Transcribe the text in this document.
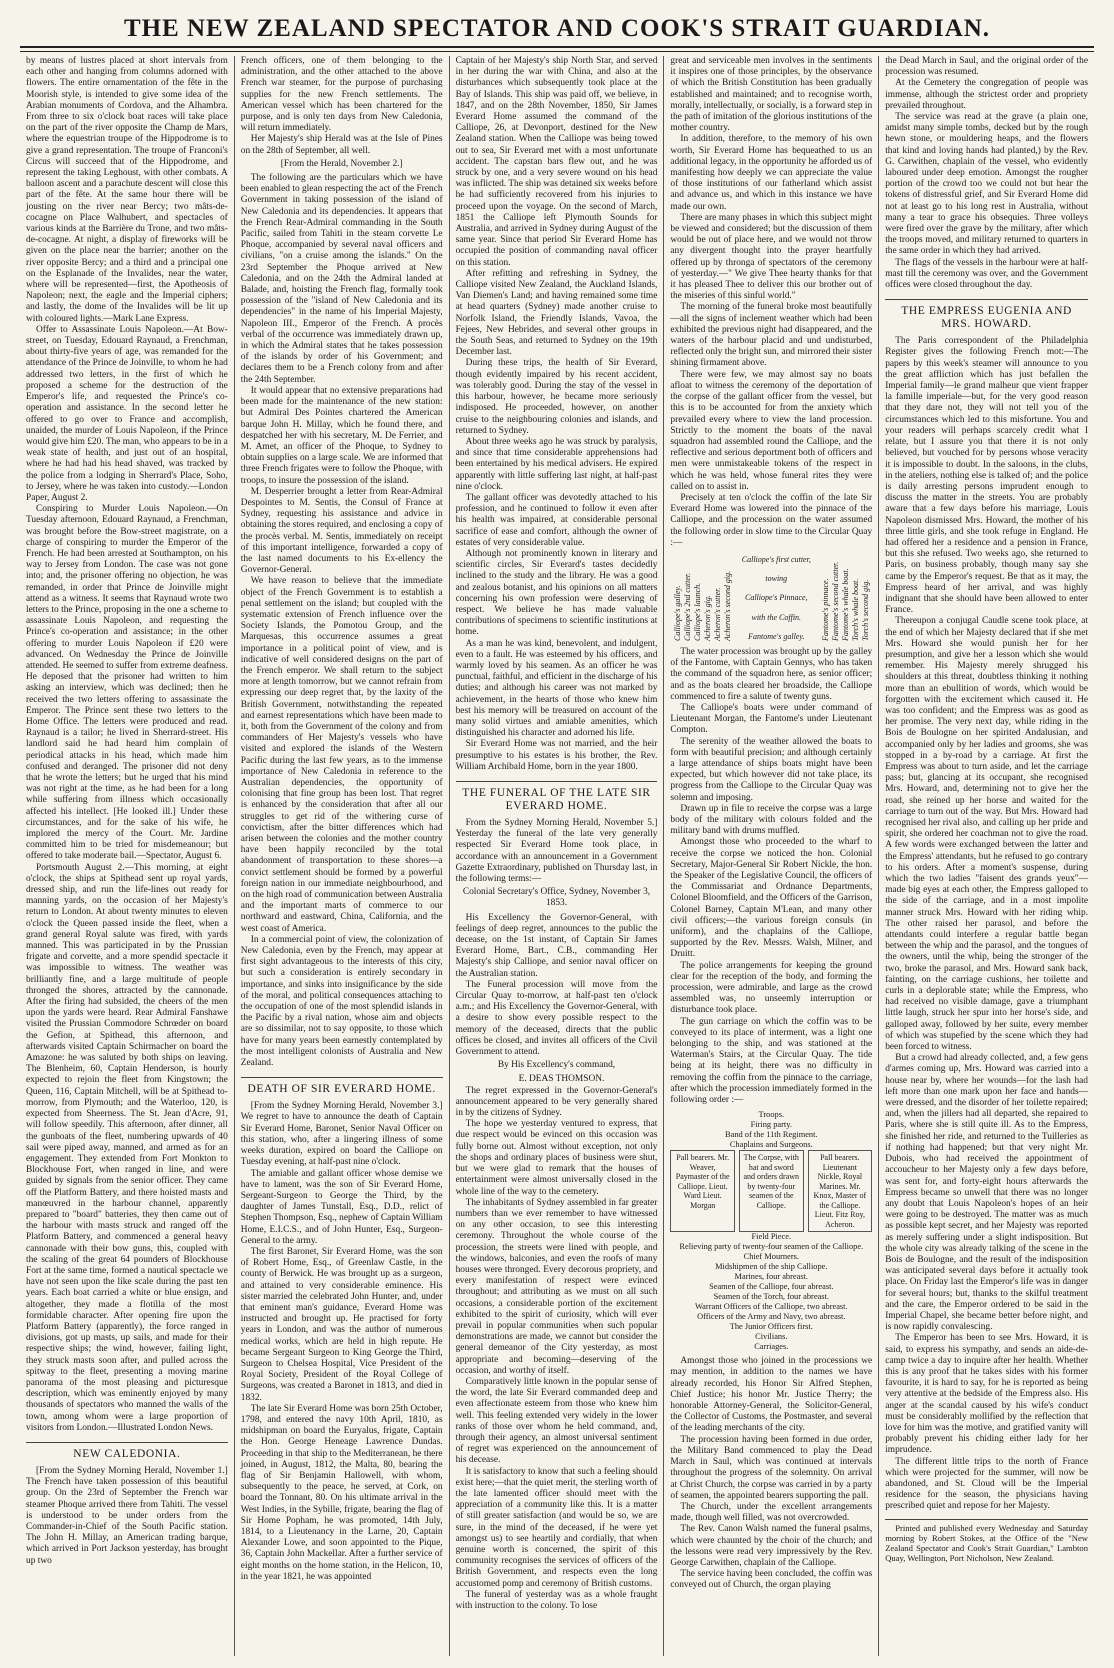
THE NEW ZEALAND SPECTATOR AND COOK'S STRAIT GUARDIAN.

by means of lustres placed at short intervals from each other and hanging from columns adorned with flowers. The entire ornamentation of the fête in the Moorish style, is intended to give some idea of the Arabian monuments of Cordova, and the Alhambra. From three to six o'clock boat races will take place on the part of the river opposite the Champ de Mars, where the equestrian troupe of the Hippodrome is to give a grand representation. The troupe of Franconi's Circus will succeed that of the Hippodrome, and represent the taking Leghoust, with other combats. A balloon ascent and a parachute descent will close this part of the fête. At the same hour there will be jousting on the river near Bercy; two mâts-de-cocagne on Place Walhubert, and spectacles of various kinds at the Barrière du Trone, and two mâts-de-cocagne. At night, a display of fireworks will be given on the place near the barrier; another on the river opposite Bercy; and a third and a principal one on the Esplanade of the Invalides, near the water, where will be represented—first, the Apotheosis of Napoleon; next, the eagle and the Imperial ciphers; and lastly, the dome of the Invalides will be lit up with coloured lights.—Mark Lane Express.

Offer to Assassinate Louis Napoleon.—At Bow-street, on Tuesday, Edouard Raynaud, a Frenchman, about thirty-five years of age, was remanded for the attendance of the Prince de Joinville, to whom he had addressed two letters, in the first of which he proposed a scheme for the destruction of the Emperor's life, and requested the Prince's co-operation and assistance. In the second letter he offered to go over to France and accomplish, unaided, the murder of Louis Napoleon, if the Prince would give him £20. The man, who appears to be in a weak state of health, and just out of an hospital, where he had had his head shaved, was tracked by the police from a lodging in Sherrard's Place, Soho, to Jersey, where he was taken into custody.—London Paper, August 2.

Conspiring to Murder Louis Napoleon.—On Tuesday afternoon, Edouard Raynaud, a Frenchman, was brought before the Bow-street magistrate, on a charge of conspiring to murder the Emperor of the French. He had been arrested at Southampton, on his way to Jersey from London. The case was not gone into; and, the prisoner offering no objection, he was remanded, in order that Prince de Joinville might attend as a witness. It seems that Raynaud wrote two letters to the Prince, proposing in the one a scheme to assassinate Louis Napoleon, and requesting the Prince's co-operation and assistance; in the other offering to murder Louis Napoleon if £20 were advanced. On Wednesday the Prince de Joinville attended. He seemed to suffer from extreme deafness. He deposed that the prisoner had written to him asking an interview, which was declined; then he received the two letters offering to assassinate the Emperor. The Prince sent these two letters to the Home Office. The letters were produced and read. Raynaud is a tailor; he lived in Sherrard-street. His landlord said he had heard him complain of periodical attacks in his head, which made him confused and deranged. The prisoner did not deny that he wrote the letters; but he urged that his mind was not right at the time, as he had been for a long while suffering from illness which occasionally affected his intellect. [He looked ill.] Under these circumstances, and for the sake of his wife, he implored the mercy of the Court. Mr. Jardine committed him to be tried for misdemeanour; but offered to take moderate bail.—Spectator, August 6.

Portsmouth August 2.—This morning, at eight o'clock, the ships at Spithead sent up royal yards, dressed ship, and run the life-lines out ready for manning yards, on the occasion of her Majesty's return to London. At about twenty minutes to eleven o'clock the Queen passed inside the fleet, when a grand general Royal salute was fired, with yards manned. This was participated in by the Prussian frigate and corvette, and a more spendid spectacle it was impossible to witness. The weather was brilliantly fine, and a large multitude of people thronged the shores, attracted by the cannonade. After the firing had subsided, the cheers of the men upon the yards were heard. Rear Admiral Fanshawe visited the Prussian Commodore Schrœder on board the Gefion, at Spithead, this afternoon, and afterwards visited Captain Schirmacher on board the Amazone: he was saluted by both ships on leaving. The Blenheim, 60, Captain Henderson, is hourly expected to rejoin the fleet from Kingstown; the Queen, 116, Captain Mitchell, will be at Spithead to-morrow, from Plymouth; and the Waterloo, 120, is expected from Sheerness. The St. Jean d'Acre, 91, will follow speedily. This afternoon, after dinner, all the gunboats of the fleet, numbering upwards of 40 sail were piped away, manned, and armed as for an engagement. They extended from Fort Monkton to Blockhouse Fort, when ranged in line, and were guided by signals from the senior officer. They came off the Platform Battery, and there hoisted masts and manœuvred in the harbour channel, apparently prepared to "board" batteries, they then came out of the harbour with masts struck and ranged off the Platform Battery, and commenced a general heavy cannonade with their bow guns, this, coupled with the scaling of the great 64 pounders of Blockhouse Fort at the same time, formed a nautical spectacle we have not seen upon the like scale during the past ten years. Each boat carried a white or blue ensign, and altogether, they made a flotilla of the most formidable character. After opening fire upon the Platform Battery (apparently), the force ranged in divisions, got up masts, up sails, and made for their respective ships; the wind, however, failing light, they struck masts soon after, and pulled across the spitway to the fleet, presenting a moving marine panorama of the most pleasing and picturesque description, which was eminently enjoyed by many thousands of spectators who manned the walls of the town, among whom were a large proportion of visitors from London.—Illustrated London News.

NEW CALEDONIA.

[From the Sydney Morning Herald, November 1.] The French have taken possession of this beautiful group. On the 23rd of September the French war steamer Phoque arrived there from Tahiti. The vessel is understood to be under orders from the Commander-in-Chief of the South Pacific station. The John H. Millay, an American trading barque, which arrived in Port Jackson yesterday, has brought up two

French officers, one of them belonging to the administration, and the other attached to the above French war steamer, for the purpose of purchasing supplies for the new French settlements. The American vessel which has been chartered for the purpose, and is only ten days from New Caledonia, will return immediately.

Her Majesty's ship Herald was at the Isle of Pines on the 28th of September, all well.

[From the Herald, November 2.]

The following are the particulars which we have been enabled to glean respecting the act of the French Government in taking possession of the island of New Caledonia and its dependencies. It appears that the French Rear-Admiral commanding in the South Pacific, sailed from Tahiti in the steam corvette Le Phoque, accompanied by several naval officers and civilians, "on a cruise among the islands." On the 23rd September the Phoque arrived at New Caledonia, and on the 24th the Admiral landed at Balade, and, hoisting the French flag, formally took possession of the "island of New Caledonia and its dependencies" in the name of his Imperial Majesty, Napoleon III., Emperor of the French. A procès verbal of the occurrence was immediately drawn up, in which the Admiral states that he takes possession of the islands by order of his Government; and declares them to be a French colony from and after the 24th September.

It would appear that no extensive preparations had been made for the maintenance of the new station: but Admiral Des Pointes chartered the American barque John H. Millay, which he found there, and despatched her with his secretary, M. De Ferrier, and M. Amet, an officer of the Phoque, to Sydney to obtain supplies on a large scale. We are informed that three French frigates were to follow the Phoque, with troops, to insure the possession of the island.

M. Desperrier brought a letter from Rear-Admiral Despointes to M. Sentis, the Consul of France at Sydney, requesting his assistance and advice in obtaining the stores required, and enclosing a copy of the procès verbal. M. Sentis, immediately on receipt of this important intelligence, forwarded a copy of the last named documents to his Ex-ellency the Governor-General.

We have reason to believe that the immediate object of the French Government is to establish a penal settlement on the island; but coupled with the systematic extension of French influence over the Society Islands, the Pomotou Group, and the Marquesas, this occurrence assumes a great importance in a political point of view, and is indicative of well considered designs on the part of the French emperor. We shall return to the subject more at length tomorrow, but we cannot refrain from expressing our deep regret that, by the laxity of the British Government, notwithstanding the repeated and earnest representations which have been made to it, both from the Government of the colony and from commanders of Her Majesty's vessels who have visited and explored the islands of the Western Pacific during the last few years, as to the immense importance of New Caledonia in reference to the Australian dependencies, the opportunity of colonising that fine group has been lost. That regret is enhanced by the consideration that after all our struggles to get rid of the withering curse of convictism, after the bitter differences which had arisen between the colonies and the mother country have been happily reconciled by the total abandonment of transportation to these shores—a convict settlement should be formed by a powerful foreign nation in our immediate neighbourhood, and on the high road of communication between Australia and the important marts of commerce to our northward and eastward, China, California, and the west coast of America.

In a commercial point of view, the colonization of New Caledonia, even by the French, may appear at first sight advantageous to the interests of this city, but such a consideration is entirely secondary in importance, and sinks into insignificance by the side of the moral, and political consequences attaching to the occupation of one of the most splendid islands in the Pacific by a rival nation, whose aim and objects are so dissimilar, not to say opposite, to those which have for many years been earnestly contemplated by the most intelligent colonists of Australia and New Zealand.

DEATH OF SIR EVERARD HOME.

[From the Sydney Morning Herald, November 3.] We regret to have to announce the death of Captain Sir Everard Home, Baronet, Senior Naval Officer on this station, who, after a lingering illness of some weeks duration, expired on board the Calliope on Tuesday evening, at half-past nine o'clock.

The amiable and gallant officer whose demise we have to lament, was the son of Sir Everard Home, Sergeant-Surgeon to George the Third, by the daughter of James Tunstall, Esq., D.D., relict of Stephen Thompson, Esq., nephew of Captain William Home, E.I.C.S., and of John Hunter, Esq., Surgeon-General to the army.

The first Baronet, Sir Everard Home, was the son of Robert Home, Esq., of Greenlaw Castle, in the county of Berwick. He was brought up as a surgeon, and attained to very considerable eminence. His sister married the celebrated John Hunter, and, under that eminent man's guidance, Everard Home was instructed and brought up. He practised for forty years in London, and was the author of numerous medical works, which are held in high repute. He became Sergeant Surgeon to King George the Third, Surgeon to Chelsea Hospital, Vice President of the Royal Society, President of the Royal College of Surgeons, was created a Baronet in 1813, and died in 1832.

The late Sir Everard Home was born 25th October, 1798, and entered the navy 10th April, 1810, as midshipman on board the Euryalus, frigate, Captain the Hon. George Heneage Lawrence Dundas. Proceeding in that ship to the Mediterranean, he there joined, in August, 1812, the Malta, 80, bearing the flag of Sir Benjamin Hallowell, with whom, subsequently to the peace, he served, at Cork, on board the Tonnant, 80. On his ultimate arrival in the West Indies, in the Sybille, frigate, bearing the flag of Sir Home Popham, he was promoted, 14th July, 1814, to a Lieutenancy in the Larne, 20, Captain Alexander Lowe, and soon appointed to the Pique, 36, Captain John Mackellar. After a further service of eight months on the home station, in the Helicon, 10, in the year 1821, he was appointed

Captain of her Majesty's ship North Star, and served in her during the war with China, and also at the disturbances which subsequently took place at the Bay of Islands. This ship was paid off, we believe, in 1847, and on the 28th November, 1850, Sir James Everard Home assumed the command of the Calliope, 26, at Devonport, destined for the New Zealand station. When the Calliope was being towed out to sea, Sir Everard met with a most unfortunate accident. The capstan bars flew out, and he was struck by one, and a very severe wound on his head was inflicted. The ship was detained six weeks before he had sufficiently recovered from his injuries to proceed upon the voyage. On the second of March, 1851 the Calliope left Plymouth Sounds for Australia, and arrived in Sydney during August of the same year. Since that period Sir Everard Home has occupied the position of commanding naval officer on this station.

After refitting and refreshing in Sydney, the Calliope visited New Zealand, the Auckland Islands, Van Diemen's Land; and having remained some time at head quarters (Sydney) made another cruise to Norfolk Island, the Friendly Islands, Vavoa, the Fejees, New Hebrides, and several other groups in the South Seas, and returned to Sydney on the 19th December last.

During these trips, the health of Sir Everard, though evidently impaired by his recent accident, was tolerably good. During the stay of the vessel in this harbour, however, he became more seriously indisposed. He proceeded, however, on another cruise to the neighbouring colonies and islands, and returned to Sydney.

About three weeks ago he was struck by paralysis, and since that time considerable apprehensions had been entertained by his medical advisers. He expired apparently with little suffering last night, at half-past nine o'clock.

The gallant officer was devotedly attached to his profession, and he continued to follow it even after his health was impaired, at considerable personal sacrifice of ease and comfort, although the owner of estates of very considerable value.

Although not prominently known in literary and scientific circles, Sir Everard's tastes decidedly inclined to the study and the library. He was a good and zealous botanist, and his opinions on all matters concerning his own profession were deserving of respect. We believe he has made valuable contributions of specimens to scientific institutions at home.

As a man he was kind, benevolent, and indulgent, even to a fault. He was esteemed by his officers, and warmly loved by his seamen. As an officer he was punctual, faithful, and efficient in the discharge of his duties; and although his career was not marked by achievement, in the hearts of those who knew him best his memory will be treasured on account of the many solid virtues and amiable amenities, which distinguished his character and adorned his life.

Sir Everard Home was not married, and the heir presumptive to his estates is his brother, the Rev. William Archibald Home, born in the year 1800.

THE FUNERAL OF THE LATE SIR EVERARD HOME.

From the Sydney Morning Herald, November 5.] Yesterday the funeral of the late very generally respected Sir Everard Home took place, in accordance with an announcement in a Government Gazette Extraordinary, published on Thursday last, in the following terms:—

Colonial Secretary's Office, Sydney, November 3, 1853.

His Excellency the Governor-General, with feelings of deep regret, announces to the public the decease, on the 1st instant, of Captain Sir James Everard Home, Bart., C.B., commanding Her Majesty's ship Calliope, and senior naval officer on the Australian station.

The Funeral procession will move from the Circular Quay to-morrow, at half-past ten o'clock a.m.; and His Excellency the Governor-General, with a desire to show every possible respect to the memory of the deceased, directs that the public offices be closed, and invites all officers of the Civil Government to attend.

By His Excellency's command,

E. DEAS THOMSON.

The regret expressed in the Governor-General's announcement appeared to be very generally shared in by the citizens of Sydney.

The hope we yesterday ventured to express, that due respect would be evinced on this occasion was fully borne out. Almost without exception, not only the shops and ordinary places of business were shut, but we were glad to remark that the houses of entertainment were almost universally closed in the whole line of the way to the cemetery.

The inhabitants of Sydney assembled in far greater numbers than we ever remember to have witnessed on any other occasion, to see this interesting ceremony. Throughout the whole course of the procession, the streets were lined with people, and the windows, balconies, and even the roofs of many houses were thronged. Every decorous propriety, and every manifestation of respect were evinced throughout; and attributing as we must on all such occasions, a considerable portion of the excitement exhibited to the spirit of curiosity, which will ever prevail in popular communities when such popular demonstrations are made, we cannot but consider the general demeanor of the City yesterday, as most appropriate and becoming—deserving of the occasion, and worthy of itself.

Comparatively little known in the popular sense of the word, the late Sir Everard commanded deep and even affectionate esteem from those who knew him well. This feeling extended very widely in the lower ranks of those over whom he held command, and, through their agency, an almost universal sentiment of regret was experienced on the announcement of his decease.

It is satisfactory to know that such a feeling should exist here;—that the quiet merit, the sterling worth of the late lamented officer should meet with the appreciation of a community like this. It is a matter of still greater satisfaction (and would be so, we are sure, in the mind of the deceased, if he were yet amongst us) to see heartily and cordially, that when genuine worth is concerned, the spirit of this community recognises the services of officers of the British Government, and respects even the long accustomed pomp and ceremony of British customs.

The funeral of yesterday was as a whole fraught with instruction to the colony. To lose

great and serviceable men involves in the sentiments it inspires one of those principles, by the observance of which the British Constitution has been gradually established and maintained; and to recognise worth, morally, intellectually, or socially, is a forward step in the path of imitation of the glorious institutions of the mother country.

In addition, therefore, to the memory of his own worth, Sir Everard Home has bequeathed to us an additional legacy, in the opportunity he afforded us of manifesting how deeply we can appreciate the value of those institutions of our fatherland which assist and advance us, and which in this instance we have made our own.

There are many phases in which this subject might be viewed and considered; but the discussion of them would be out of place here, and we would not throw any divergent thought into the prayer heartfully offered up by thronga of spectators of the ceremony of yesterday.—" We give Thee hearty thanks for that it has pleased Thee to deliver this our brother out of the miseries of this sinful world."

The morning of the funeral broke most beautifully—all the signs of inclement weather which had been exhibited the previous night had disappeared, and the waters of the harbour placid and und undisturbed, reflected only the bright sun, and mirrored their sister shining firmament above.

There were few, we may almost say no boats afloat to witness the ceremony of the deportation of the corpse of the gallant officer from the vessel, but this is to be accounted for from the anxiety which prevailed every where to view the land procession. Strictly to the moment the boats of the naval squadron had assembled round the Calliope, and the reflective and serious deportment both of officers and men were unmistakeable tokens of the respect in which he was held, whose funeral rites they were called on to assist in.

Precisely at ten o'clock the coffin of the late Sir Everard Home was lowered into the pinnace of the Calliope, and the procession on the water assumed the following order in slow time to the Circular Quay :—

Calliope's galley. Calliope's 2nd cutter. Calliope's launch. Acheron's gig. Acheron's cutter. Acheron's second gig.
Calliope's first cutter,
towing
Calliope's Pinnace,
with the Coffin.
Fantome's galley.	Fantome's pinnace. Fantome's second cutter. Fantome's whale boat. Torch's whale boat. Torch's second gig.

The water procession was brought up by the galley of the Fantome, with Captain Gennys, who has taken the command of the squadron here, as senior officer; and as the boats cleared her broadside, the Calliope commenced to fire a salute of twenty guns.

The Calliope's boats were under command of Lieutenant Morgan, the Fantome's under Lieutenant Compton.

The serenity of the weather allowed the boats to form with beautiful precision; and although certainly a large attendance of ships boats might have been expected, but which however did not take place, its progress from the Calliope to the Circular Quay was solemn and imposing.

Drawn up in file to receive the corpse was a large body of the military with colours folded and the military band with drums muffled.

Amongst those who proceeded to the wharf to receive the corpse we noticed the hon. Colonial Secretary, Major-General Sir Robert Nickle, the hon. the Speaker of the Legislative Council, the officers of the Commissariat and Ordnance Departments, Colonel Bloomfield, and the Officers of the Garrison, Colonel Barney, Captain M'Lean, and many other civil officers;—the various foreign consuls (in uniform), and the chaplains of the Calliope, supported by the Rev. Messrs. Walsh, Milner, and Druitt.

The police arrangements for keeping the ground clear for the reception of the body, and forming the procession, were admirable, and large as the crowd assembled was, no unseemly interruption or disturbance took place.

The gun carriage on which the coffin was to be conveyed to its place of interment, was a light one belonging to the ship, and was stationed at the Waterman's Stairs, at the Circular Quay. The tide being at its height, there was no difficulty in removing the coffin from the pinnace to the carriage, after which the procession immediately formed in the following order :—

Troops.
Firing party.
Band of the 11th Regiment.
Chaplains and Surgeons.
Pall bearers. Mr. Weaver, Paymaster of the Calliope. Lieut. Ward Lieut. Morgan
The Corpse, with hat and sword and orders drawn by twenty-four seamen of the Calliope.
Pall bearers. Lieutenant Nickle, Royal Marines. Mr. Knox, Master of the Calliope. Lieut. Fitz Roy, Acheron.
Field Piece.
Relieving party of twenty-four seamen of the Calliope.
Chief Mourners.
Midshipmen of the ship Calliope.
Marines, four abreast.
Seamen of the Calliope, four abreast.
Seamen of the Torch, four abreast.
Warrant Officers of the Calliope, two abreast.
Officers of the Army and Navy, two abreast.
The Junior Officers first.
Civilians.
Carriages.

Amongst those who joined in the processions we may mention, in addition to the names we have already recorded, his Honor Sir Alfred Stephen, Chief Justice; his honor Mr. Justice Therry; the honorable Attorney-General, the Solicitor-General, the Collector of Customs, the Postmaster, and several of the leading merchants of the city.

The procession having been formed in due order, the Military Band commenced to play the Dead March in Saul, which was continued at intervals throughout the progress of the solemnity. On arrival at Christ Church, the corpse was carried in by a party of seamen, the appointed bearers supporting the pall.

The Church, under the excellent arrangements made, though well filled, was not overcrowded.

The Rev. Canon Walsh named the funeral psalms, which were chaunted by the choir of the church; and the lessons were read very impressively by the Rev. George Carwithen, chaplain of the Calliope.

The service having been concluded, the coffin was conveyed out of Church, the organ playing

the Dead March in Saul, and the original order of the procession was resumed.

At the Cemetery the congregation of people was immense, although the strictest order and propriety prevailed throughout.

The service was read at the grave (a plain one, amidst many simple tombs, decked but by the rough hewn stone, or mouldering heaps, and the flowers that kind and loving hands had planted,) by the Rev. G. Carwithen, chaplain of the vessel, who evidently laboured under deep emotion. Amongst the rougher portion of the crowd too we could not but hear the tokens of distressful grief, and Sir Everard Home did not at least go to his long rest in Australia, without many a tear to grace his obsequies. Three volleys were fired over the grave by the military, after which the troops moved, and military returned to quarters in the same order in which they had arrived.

The flags of the vessels in the harbour were at half-mast till the ceremony was over, and the Government offices were closed throughout the day.

THE EMPRESS EUGENIA AND MRS. HOWARD.

The Paris correspondent of the Philadelphia Register gives the following French mot:—The papers by this week's steamer will announce to you the great affliction which has just befallen the Imperial family—le grand malheur que vient frapper la famille imperiale—but, for the very good reason that they dare not, they will not tell you of the circumstances which led to this misfortune. You and your readers will perhaps scarcely credit what I relate, but I assure you that there it is not only believed, but vouched for by persons whose veracity it is impossible to doubt. In the saloons, in the clubs, in the ateliers, nothing else is talked of; and the police is daily arresting persons imprudent enough to discuss the matter in the streets. You are probably aware that a few days before his marriage, Louis Napoleon dismissed Mrs. Howard, the mother of his three little girls, and she took refuge in England. He had offered her a residence and a pension in France, but this she refused. Two weeks ago, she returned to Paris, on business probably, though many say she came by the Emperor's request. Be that as it may, the Empress heard of her arrival, and was highly indignant that she should have been allowed to enter France.

Thereupon a conjugal Caudle scene took place, at the end of which her Majesty declared that if she met Mrs. Howard she would punish her for her presumption, and give her a lesson which she would remember. His Majesty merely shrugged his shoulders at this threat, doubtless thinking it nothing more than an ebullition of words, which would be forgotten with the excitement which caused it. He was too confident; and the Empress was as good as her promise. The very next day, while riding in the Bois de Boulogne on her spirited Andalusian, and accompanied only by her ladies and grooms, she was stopped in a by-road by a carriage. At first the Empress was about to turn aside, and let the carriage pass; but, glancing at its occupant, she recognised Mrs. Howard, and, determining not to give her the road, she reined up her horse and waited for the carriage to turn out of the way. But Mrs. Howard had recognised her rival also, and calling up her pride and spirit, she ordered her coachman not to give the road. A few words were exchanged between the latter and the Empress' attendants, but he refused to go contrary to his orders. After a moment's suspense, during which the two ladies "faisent des grands yeux"—made big eyes at each other, the Empress galloped to the side of the carriage, and in a most impolite manner struck Mrs. Howard with her riding whip. The other raised her parasol, and before the attendants could interfere a regular battle began between the whip and the parasol, and the tongues of the owners, until the whip, being the stronger of the two, broke the parasol, and Mrs. Howard sank back, fainting, on the carriage cushions, her toilette and curls in a deplorable state; while the Empress, who had received no visible damage, gave a triumphant little laugh, struck her spur into her horse's side, and galloped away, followed by her suite, every member of which was stupefied by the scene which they had been forced to witness.

But a crowd had already collected, and, a few gens d'armes coming up, Mrs. Howard was carried into a house near by, where her wounds—for the lash had left more than one mark upon her face and hands—were dressed, and the disorder of her toilette repaired; and, when the jillers had all departed, she repaired to Paris, where she is still quite ill. As to the Empress, she finished her ride, and returned to the Tuilleries as if nothing had happened; but that very night Mr. Dubois, who had received the appointment of accoucheur to her Majesty only a few days before, was sent for, and forty-eight hours afterwards the Empress became so unwell that there was no longer any doubt that Louis Napoleon's hopes of an heir were going to be destroyed. The matter was as much as possible kept secret, and her Majesty was reported as merely suffering under a slight indisposition. But the whole city was already talking of the scene in the Bois de Boulogne, and the result of the indisposition was anticipated several days before it actually took place. On Friday last the Emperor's life was in danger for several hours; but, thanks to the skilful treatment and the care, the Emperor ordered to be said in the Imperial Chapel, she became better before night, and is now rapidly convalescing.

The Emperor has been to see Mrs. Howard, it is said, to express his sympathy, and sends an aide-de-camp twice a day to inquire after her health. Whether this is any proof that he takes sides with his former favourite, it is hard to say, for he is reported as being very attentive at the bedside of the Empress also. His anger at the scandal caused by his wife's conduct must be considerably mollified by the reflection that love for him was the motive, and gratified vanity will probably prevent his chiding either lady for her imprudence.

The different little trips to the north of France which were projected for the summer, will now be abandoned, and St. Cloud will be the Imperial residence for the season, the physicians having prescribed quiet and repose for her Majesty.

Printed and published every Wednesday and Saturday morning by Robert Stokes, at the Office of the "New Zealand Spectator and Cook's Strait Guardian," Lambton Quay, Wellington, Port Nicholson, New Zealand.
